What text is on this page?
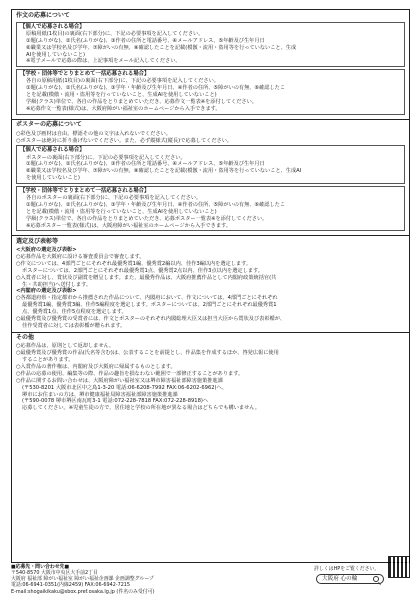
作文の応募について
【個人で応募される場合】
原稿用紙(1枚目)の裏面(右下部分)に、下記の必要事項を記入してください。
①題(ふりがな)、②氏名(ふりがな)、③作者の住所と電話番号、④メールアドレス、⑤年齢及び生年月日
⑥職業又は学校名及び学年、⑦障がいの有無、⑧確認したことを記載(模倣・流用・盗用等を行っていないこと、生成
AIを使用していないこと)
※電子メールで応募の際は、上記事項をメール記入してください。
【学校・団体等でとりまとめて一括応募される場合】
各自の原稿用紙(1枚目)の裏面(右下部分)に、下記の必要事項を記入してください。
①題(ふりがな)、②氏名(ふりがな)、③学年・年齢及び生年月日、④作者の住所、⑤障がいの有無、⑥確認したこ
とを記載(模倣・流用・盗用等を行っていないこと、生成AIを使用していないこと)
学級(クラス)単位で、各自の作品をとりまとめていただき、応募作文一覧表※を添付してください。
※応募作文一覧表(様式)は、大阪府障がい福祉室のホームページから入手できます。
ポスターの応募について
○彩色及び画材は自由。標語その他の文字は入れないでください。
○ポスターは絶対に折り曲げないでください。また、必ず縦様式(縦長)で応募してください。
【個人で応募される場合】
ポスターの裏面(右下部分)に、下記の必要事項を記入してください。
①題(ふりがな)、②氏名(ふりがな)、③作者の住所と電話番号、④メールアドレス、⑤年齢及び生年月日
⑥職業又は学校名及び学年、⑦障がいの有無、⑧確認したことを記載(模倣・流用・盗用等を行っていないこと、生成AI
を使用していないこと)
【学校・団体等でとりまとめて一括応募される場合】
各自のポスターの裏面(右下部分)に、下記の必要事項を記入してください。
①題(ふりがな)、②氏名(ふりがな)、③学年・年齢及び生年月日、④作者の住所、⑤障がいの有無、⑥確認したこ
とを記載(模倣・流用・盗用等を行っていないこと、生成AIを使用していないこと)
学級(クラス)単位で、各自の作品をとりまとめていただき、応募ポスター一覧表※を添付してください。
※応募ポスター一覧表(様式)は、大阪府障がい福祉室のホームページから入手できます。
選定及び表彰等
<大阪府の選定及び表彰>
○応募作品を大阪府に設ける審査委員会で審査します。
○作文については、4部門ごとにそれぞれ最優秀賞1編、優秀賞2編以内、佳作3編以内を選定します。
ポスターについては、2部門ごとにそれぞれ最優秀賞1点、優秀賞2点以内、佳作3点以内を選定します。
○入賞者に対し、賞状及び副賞を贈呈します。また、最優秀作品は、大阪府推薦作品として内閣府政策統括官(共
生・共助担当)へ送付します。
<内閣府の選定及び表彰>
○各都道府県・指定都市から推薦された作品について、内閣府において、作文については、4部門ごとにそれぞれ
最優秀賞1編、優秀賞3編、佳作5編程度を選定します。ポスターについては、2部門ごとにそれぞれ最優秀賞1
点、優秀賞1点、佳作5点程度を選定します。
○最優秀賞及び優秀賞の受賞者には、作文とポスターのそれぞれ内閣総理大臣又は担当大臣から賞状及び表彰楯が、
佳作受賞者に対しては表彰楯が贈られます。
その他
○応募作品は、原則として返却しません。
○最優秀賞及び優秀賞の作品(氏名等含む)は、公表することを前提とし、作品集を作成するほか、啓発広報に使用
することがあります。
○入賞作品の著作権は、内閣府及び大阪府に帰属するものとします。
○作品の応募の使用、編集等の際、作品の趣旨を損なわない範囲で一部修正することがあります。
○作品に関するお問い合わせは、大阪府障がい福祉室又は堺市障害福祉部障害施策推進課
(〒530-8201 大阪市北区中之島1-3-20 電話:06-6208-7992 FAX:06-6202-6962)へ、
堺市にお住まいの方は、堺市健康福祉局障害福祉部障害施策推進課
(〒590-0078 堺市堺区南瓦町3-1 電話:072-228-7818 FAX:072-228-8918)へ
応募してください。※児童生徒の方で、居住地と学校の所在地が異なる場合はどちらでも構いません。
■応募先・問い合わせ先■
〒540-8570 大阪市中央区大手前2丁目
大阪府 福祉部 障がい福祉室 障がい福祉企画課 企画調整グループ
電話:06-6941-0351(内線2459) FAX:06-6942-7215
E-mail:shogaikikaku@sbox.pref.osaka.lg.jp (件名のみ受付可)
詳しくはHPをご覧ください。
大阪府 心の輪
